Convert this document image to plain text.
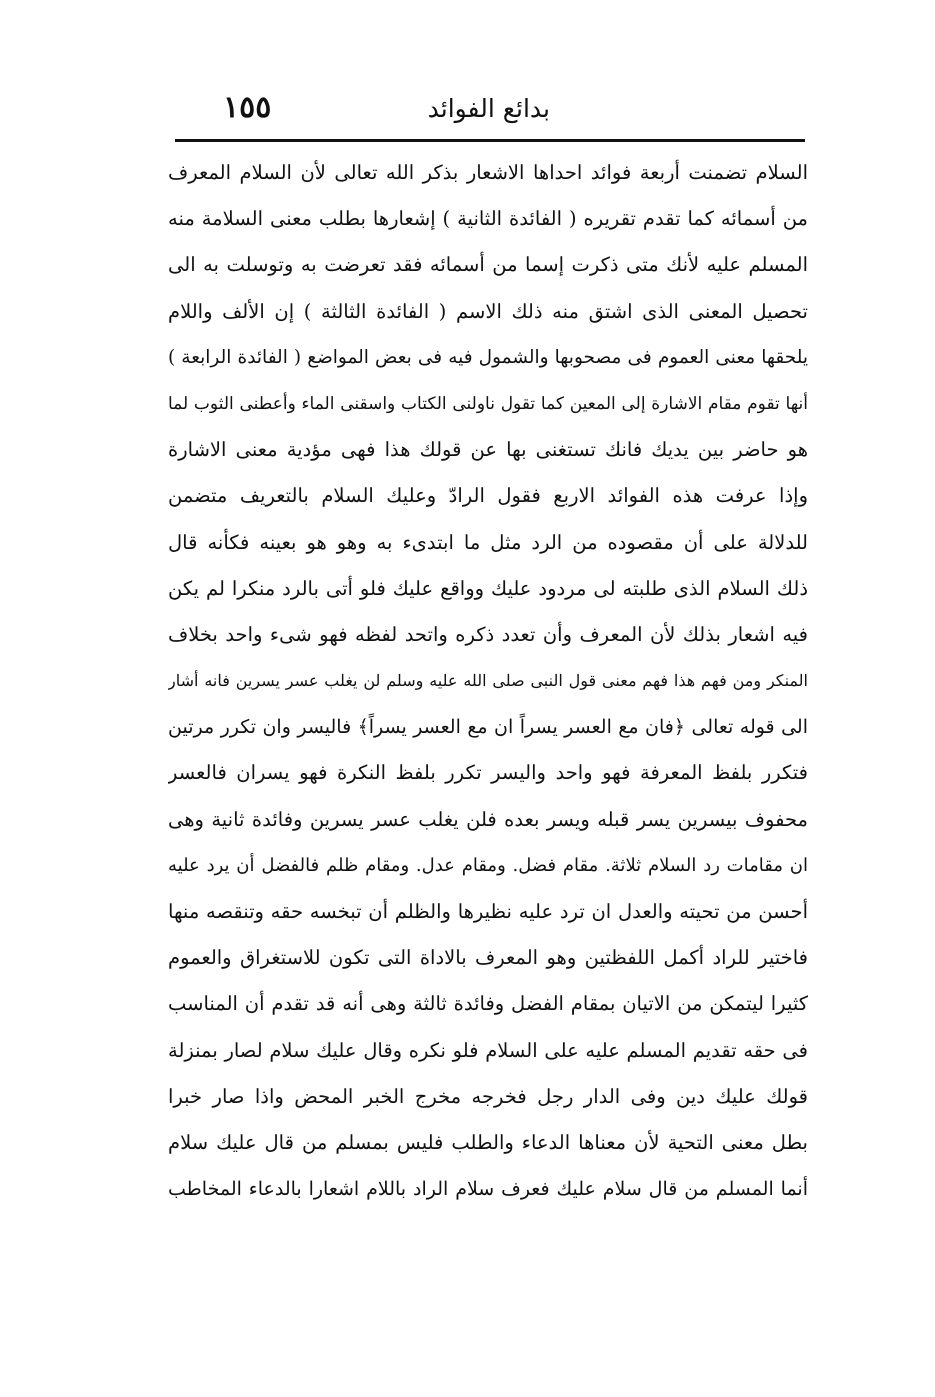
بدائع الفوائد
١٥٥
السلام تضمنت أربعة فوائد احداها الاشعار بذكر الله تعالى لأن السلام المعرف
من أسمائه كما تقدم تقريره ( الفائدة الثانية ) إشعارها بطلب معنى السلامة منه
المسلم عليه لأنك متى ذكرت إسما من أسمائه فقد تعرضت به وتوسلت به الى
تحصيل المعنى الذى اشتق منه ذلك الاسم ( الفائدة الثالثة ) إن الألف واللام
يلحقها معنى العموم فى مصحوبها والشمول فيه فى بعض المواضع ( الفائدة الرابعة )
أنها تقوم مقام الاشارة إلى المعين كما تقول ناولنى الكتاب واسقنى الماء وأعطنى الثوب لما
هو حاضر بين يديك فانك تستغنى بها عن قولك هذا فهى مؤدية معنى الاشارة
وإذا عرفت هذه الفوائد الاربع فقول الرادّ وعليك السلام بالتعريف متضمن
للدلالة على أن مقصوده من الرد مثل ما ابتدىء به وهو هو بعينه فكأنه قال
ذلك السلام الذى طلبته لى مردود عليك وواقع عليك فلو أتى بالرد منكرا لم يكن
فيه اشعار بذلك لأن المعرف وأن تعدد ذكره واتحد لفظه فهو شىء واحد بخلاف
المنكر ومن فهم هذا فهم معنى قول النبى صلى الله عليه وسلم لن يغلب عسر يسرين فانه أشار
الى قوله تعالى ﴿فان مع العسر يسراً ان مع العسر يسراً﴾ فاليسر وان تكرر مرتين
فتكرر بلفظ المعرفة فهو واحد واليسر تكرر بلفظ النكرة فهو يسران فالعسر
محفوف بيسرين يسر قبله ويسر بعده فلن يغلب عسر يسرين وفائدة ثانية وهى
ان مقامات رد السلام ثلاثة. مقام فضل. ومقام عدل. ومقام ظلم فالفضل أن يرد عليه
أحسن من تحيته والعدل ان ترد عليه نظيرها والظلم أن تبخسه حقه وتنقصه منها
فاختير للراد أكمل اللفظتين وهو المعرف بالاداة التى تكون للاستغراق والعموم
كثيرا ليتمكن من الاتيان بمقام الفضل وفائدة ثالثة وهى أنه قد تقدم أن المناسب
فى حقه تقديم المسلم عليه على السلام فلو نكره وقال عليك سلام لصار بمنزلة
قولك عليك دين وفى الدار رجل فخرجه مخرج الخبر المحض واذا صار خبرا
بطل معنى التحية لأن معناها الدعاء والطلب فليس بمسلم من قال عليك سلام
أنما المسلم من قال سلام عليك فعرف سلام الراد باللام اشعارا بالدعاء المخاطب
